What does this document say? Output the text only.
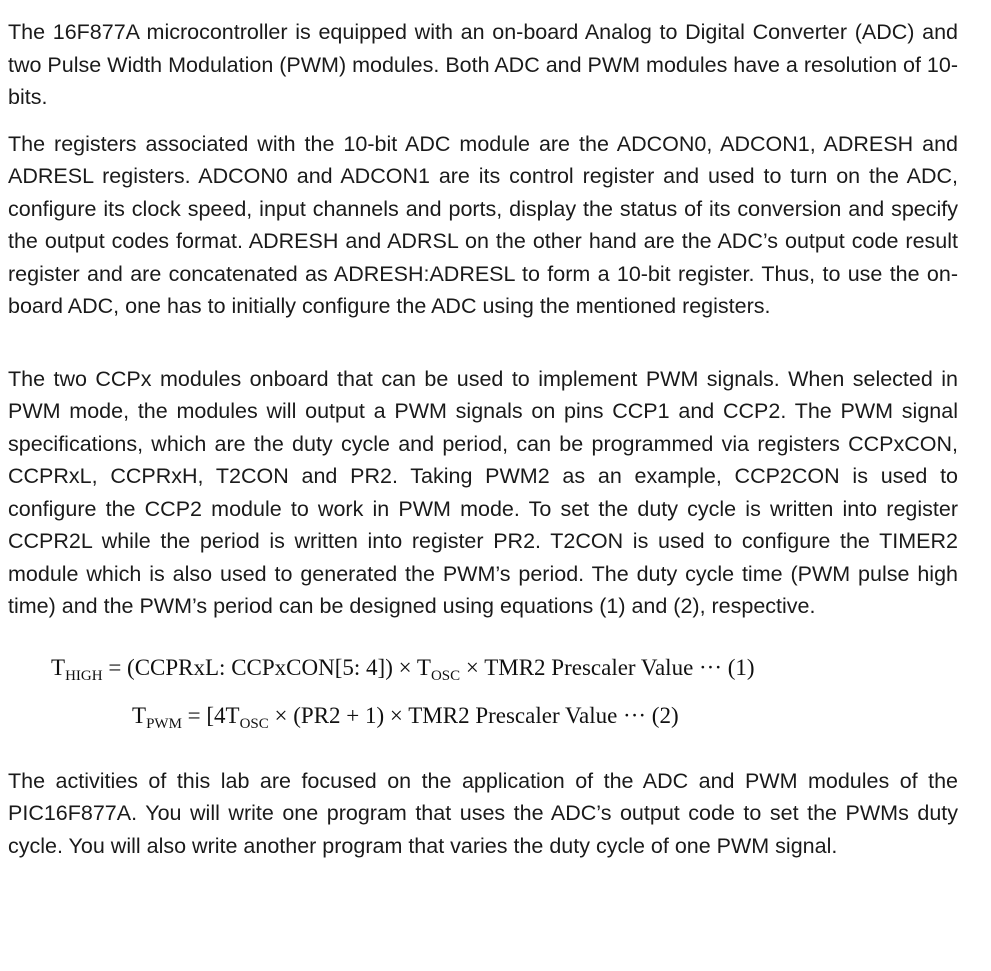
The 16F877A microcontroller is equipped with an on-board Analog to Digital Converter (ADC) and two Pulse Width Modulation (PWM) modules. Both ADC and PWM modules have a resolution of 10-bits.

The registers associated with the 10-bit ADC module are the ADCON0, ADCON1, ADRESH and ADRESL registers. ADCON0 and ADCON1 are its control register and used to turn on the ADC, configure its clock speed, input channels and ports, display the status of its conversion and specify the output codes format. ADRESH and ADRSL on the other hand are the ADC’s output code result register and are concatenated as ADRESH:ADRESL to form a 10-bit register. Thus, to use the on-board ADC, one has to initially configure the ADC using the mentioned registers.

The two CCPx modules onboard that can be used to implement PWM signals. When selected in PWM mode, the modules will output a PWM signals on pins CCP1 and CCP2. The PWM signal specifications, which are the duty cycle and period, can be programmed via registers CCPxCON, CCPRxL, CCPRxH, T2CON and PR2. Taking PWM2 as an example, CCP2CON is used to configure the CCP2 module to work in PWM mode. To set the duty cycle is written into register CCPR2L while the period is written into register PR2. T2CON is used to configure the TIMER2 module which is also used to generated the PWM’s period. The duty cycle time (PWM pulse high time) and the PWM’s period can be designed using equations (1) and (2), respective.

$T_{HIGH}$ = (CCPRxL: CCPxCON[5: $4]) \times T_{OSC} \times TMR2$ Prescaler Value ··· (1)
$T_{PWM} = [4T_{OSC} \times (PR2 + 1) \times TMR2$ Prescaler Value ··· (2)

The activities of this lab are focused on the application of the ADC and PWM modules of the PIC16F877A. You will write one program that uses the ADC’s output code to set the PWMs duty cycle. You will also write another program that varies the duty cycle of one PWM signal.
